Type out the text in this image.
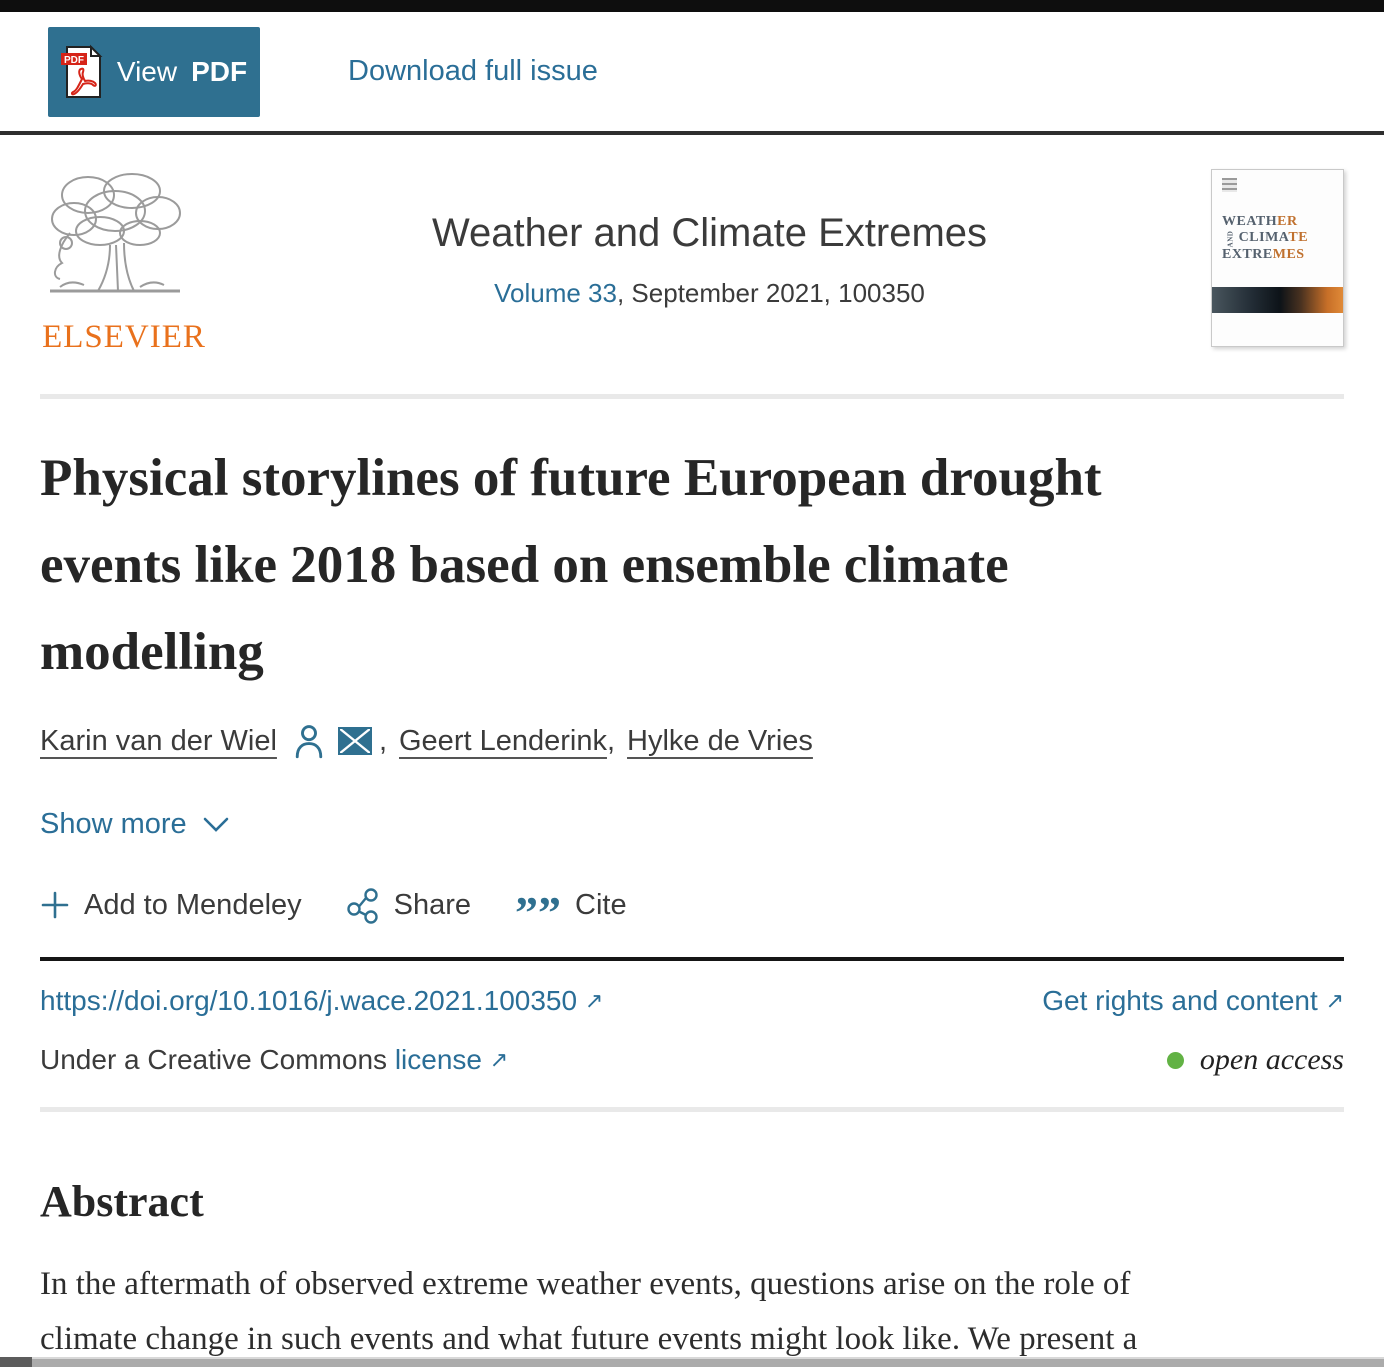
PDF View PDF	Download full issue
ELSEVIER
Weather and Climate Extremes
Volume 33, September 2021, 100350
WEATHER
AND CLIMATE
EXTREMES
Physical storylines of future European drought
events like 2018 based on ensemble climate
modelling
Karin van der Wiel	, Geert Lenderink , Hylke de Vries
Show more
Add to Mendeley	Share ”” Cite
https://doi.org/10.1016/j.wace.2021.100350 ↗	Get rights and content ↗
Under a Creative Commons license ↗	open access
Abstract
In the aftermath of observed extreme weather events, questions arise on the role of
climate change in such events and what future events might look like. We present a
